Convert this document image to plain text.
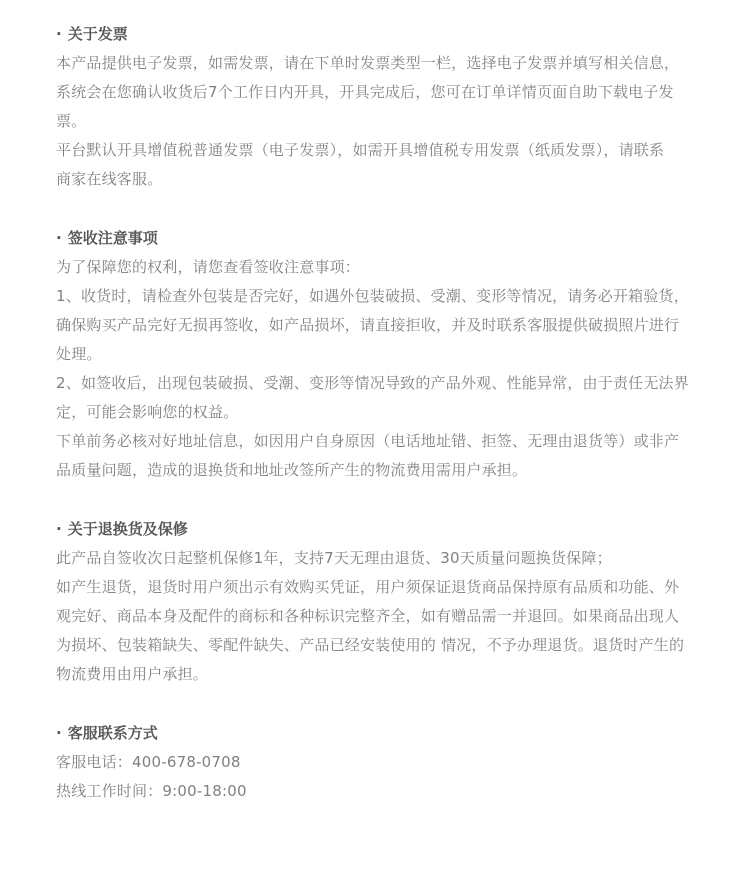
· 关于发票

本产品提供电子发票，如需发票，请在下单时发票类型一栏，选择电子发票并填写相关信息，

系统会在您确认收货后7个工作日内开具，开具完成后，您可在订单详情页面自助下载电子发

票。

平台默认开具增值税普通发票（电子发票），如需开具增值税专用发票（纸质发票），请联系

商家在线客服。

· 签收注意事项

为了保障您的权利，请您查看签收注意事项：

1、收货时，请检查外包装是否完好，如遇外包装破损、受潮、变形等情况，请务必开箱验货，

确保购买产品完好无损再签收，如产品损坏，请直接拒收，并及时联系客服提供破损照片进行

处理。

2、如签收后，出现包装破损、受潮、变形等情况导致的产品外观、性能异常，由于责任无法界

定，可能会影响您的权益。

下单前务必核对好地址信息，如因用户自身原因（电话地址错、拒签、无理由退货等）或非产

品质量问题，造成的退换货和地址改签所产生的物流费用需用户承担。

· 关于退换货及保修

此产品自签收次日起整机保修1年，支持7天无理由退货、30天质量问题换货保障；

如产生退货，退货时用户须出示有效购买凭证，用户须保证退货商品保持原有品质和功能、外

观完好、商品本身及配件的商标和各种标识完整齐全，如有赠品需一并退回。如果商品出现人

为损坏、包装箱缺失、零配件缺失、产品已经安装使用的 情况，不予办理退货。退货时产生的

物流费用由用户承担。

· 客服联系方式

客服电话：400-678-0708

热线工作时间：9:00-18:00
